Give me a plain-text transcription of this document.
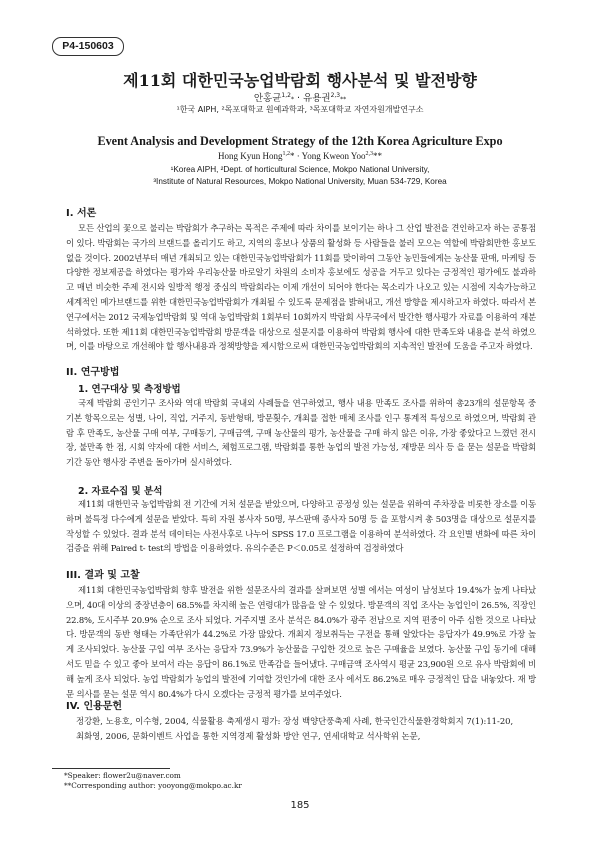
P4-150603
제11회 대한민국농업박람회 행사분석 및 발전방향
안홍균$^{1,2}$* · 유용권$^{2,3}$**
¹한국 AIPH, ²목포대학교 원예과학과, ³목포대학교 자연자원개발연구소
Event Analysis and Development Strategy of the 12th Korea Agriculture Expo
Hong Kyun Hong$^{1,2}$* · Yong Kweon Yoo$^{2,3}$**
¹Korea AIPH, ²Dept. of horticultural Science, Mokpo National University,
³Institute of Natural Resources, Mokpo National University, Muan 534-729, Korea
I. 서론
모든 산업의 꽃으로 불리는 박람회가 추구하는 목적은 주제에 따라 차이를 보이기는 하나 그 산업 발전을 견인하고자 하는 공통점이 있다. 박람회는 국가의 브랜드를 올리기도 하고, 지역의 홍보나 상품의 활성화 등 사람들을 불러 모으는 역할에 박람회만한 홍보도 없을 것이다. 2002년부터 매년 개최되고 있는 대한민국농업박람회가 11회를 맞이하여 그동안 농민들에게는 농산물 판매, 마케팅 등 다양한 정보제공을 하였다는 평가와 우리농산물 바로알기 차원의 소비자 홍보에도 성공을 거두고 있다는 긍정적인 평가에도 불과하고 매년 비슷한 주제 전시와 일방적 행정 중심의 박람회라는 이제 개선이 되어야 한다는 목소리가 나오고 있는 시점에 지속가능하고 세계적인 메가브랜드를 위한 대한민국농업박람회가 개최될 수 있도록 문제점을 밝혀내고, 개선 방향을 제시하고자 하였다. 따라서 본 연구에서는 2012 국제농업박람회 및 역대 농업박람회 1회부터 10회까지 박람회 사무국에서 발간한 행사평가 자료를 이용하여 재분석하였다. 또한 제11회 대한민국농업박람회 방문객을 대상으로 설문지를 이용하여 박람회 행사에 대한 만족도와 내용을 분석 하였으며, 이를 바탕으로 개선해야 할 행사내용과 정책방향을 제시함으로써 대한민국농업박람회의 지속적인 발전에 도움을 주고자 하였다.
II. 연구방법
1. 연구대상 및 측정방법
국제 박람회 공인기구 조사와 역대 박람회 국내외 사례들을 연구하였고, 행사 내용 만족도 조사를 위하여 총23개의 설문항목 중 기본 항목으로는 성별, 나이, 직업, 거주지, 동반형태, 방문횟수, 개최를 접한 매체 조사를 인구 통계적 특성으로 하였으며, 박람회 관람 후 만족도, 농산물 구매 여부, 구매동기, 구매금액, 구매 농산물의 평가, 농산물을 구매 하지 않은 이유, 가장 좋았다고 느꼈던 전시장, 불만족 한 점, 시회 약자에 대한 서비스, 체험프로그램, 박람회를 통한 농업의 발전 가능성, 재방문 의사 등 을 묻는 설문을 박람회 기간 동안 행사장 주변을 돌아가며 실시하였다.
2. 자료수집 및 분석
제11회 대한민국 농업박람회 전 기간에 거처 설문을 받았으며, 다양하고 공정성 있는 설문을 위하여 주차장을 비롯한 장소를 이동하며 불특정 다수에게 설문을 받았다. 특히 자원 봉사자 50명, 부스판매 종사자 50명 등 을 포함시켜 총 503명을 대상으로 설문지를 작성할 수 있었다. 결과 분석 데이터는 사전사후로 나누어 SPSS 17.0 프로그램을 이용하여 분석하였다. 각 요인별 변화에 따른 차이 검증을 위해 Paired t- test의 방법을 이용하였다. 유의수준은 P＜0.05로 설정하여 검정하였다
III. 결과 및 고찰
제11회 대한민국농업박람회 향후 발전을 위한 설문조사의 결과를 살펴보면 성별 에서는 여성이 남성보다 19.4%가 높게 나타났으며, 40대 이상의 중장년층이 68.5%를 차지해 높은 연령대가 많음을 알 수 있었다. 방문객의 직업 조사는 농업인이 26.5%, 직장인 22.8%, 도시주부 20.9% 순으로 조사 되었다. 거주지별 조사 분석은 84.0%가 광주 전남으로 지역 편중이 아주 심한 것으로 나타났다. 방문객의 동반 형태는 가족단위가 44.2%로 가장 많았다. 개최지 정보취득는 구전을 통해 알았다는 응답자가 49.9%로 가장 높게 조사되었다. 농산물 구입 여부 조사는 응답자 73.9%가 농산물을 구입한 것으로 높은 구매율을 보였다. 농산물 구입 동기에 대해서도 믿을 수 있고 좋아 보여서 라는 응답이 86.1%로 만족감을 들어냈다. 구매금액 조사역시 평균 23,900원 으로 유사 박람회에 비해 높게 조사 되었다. 농업 박람회가 농업의 발전에 기여할 것인가에 대한 조사 에서도 86.2%로 매우 긍정적인 답을 내놓았다. 재 방문 의사를 묻는 설문 역시 80.4%가 다시 오겠다는 긍정적 평가를 보여주었다.
IV. 인용문헌
정강환, 노용호, 이수형, 2004, 식물활용 축제생시 평가: 장성 백양단풍축제 사례, 한국인간식물환경학회지 7(1):11-20,
최화영, 2006, 문화이벤트 사업을 통한 지역경제 활성화 방안 연구, 연세대학교 석사학위 논문,
*Speaker: flower2u@naver.com
**Corresponding author: yooyong@mokpo.ac.kr
185
